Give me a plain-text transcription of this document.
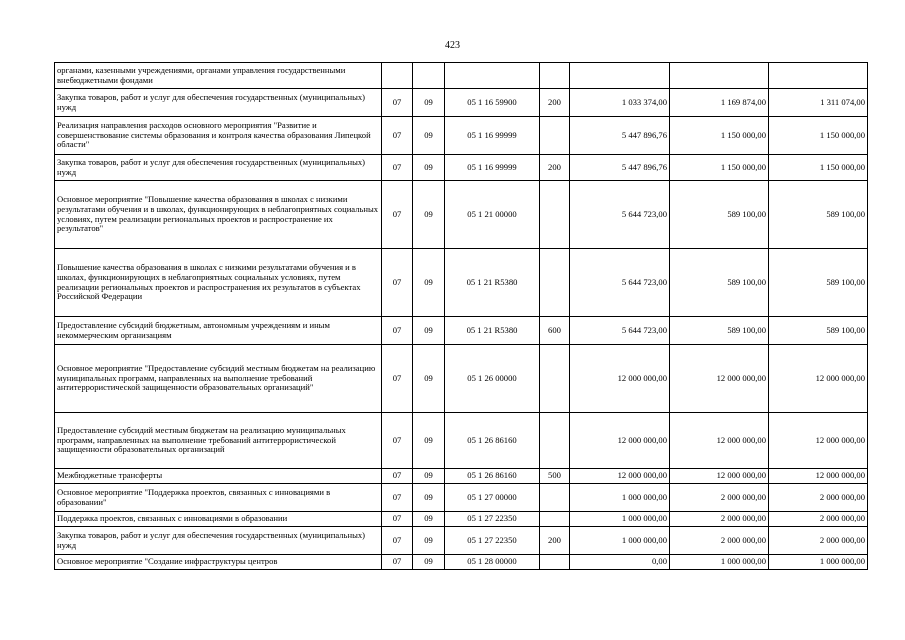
423
органами, казенными учреждениями, органами управления государственными внебюджетными фондами							
Закупка товаров, работ и услуг для обеспечения государственных (муниципальных) нужд	07	09	05 1 16 59900	200	1 033 374,00	1 169 874,00	1 311 074,00
Реализация направления расходов основного мероприятия "Развитие и совершенствование системы образования и контроля качества образования Липецкой области"	07	09	05 1 16 99999		5 447 896,76	1 150 000,00	1 150 000,00
Закупка товаров, работ и услуг для обеспечения государственных (муниципальных) нужд	07	09	05 1 16 99999	200	5 447 896,76	1 150 000,00	1 150 000,00
Основное мероприятие "Повышение качества образования в школах с низкими результатами обучения и в школах, функционирующих в неблагоприятных социальных условиях, путем реализации региональных проектов и распространение их результатов"	07	09	05 1 21 00000		5 644 723,00	589 100,00	589 100,00
Повышение качества образования в школах с низкими результатами обучения и в школах, функционирующих в неблагоприятных социальных условиях, путем реализации региональных проектов и распространения их результатов в субъектах Российской Федерации	07	09	05 1 21 R5380		5 644 723,00	589 100,00	589 100,00
Предоставление субсидий бюджетным, автономным учреждениям и иным некоммерческим организациям	07	09	05 1 21 R5380	600	5 644 723,00	589 100,00	589 100,00
Основное мероприятие "Предоставление субсидий местным бюджетам на реализацию муниципальных программ, направленных на выполнение требований антитеррористической защищенности образовательных организаций"	07	09	05 1 26 00000		12 000 000,00	12 000 000,00	12 000 000,00
Предоставление субсидий местным бюджетам на реализацию муниципальных программ, направленных на выполнение требований антитеррористической защищенности образовательных организаций	07	09	05 1 26 86160		12 000 000,00	12 000 000,00	12 000 000,00
Межбюджетные трансферты	07	09	05 1 26 86160	500	12 000 000,00	12 000 000,00	12 000 000,00
Основное мероприятие "Поддержка проектов, связанных с инновациями в образовании"	07	09	05 1 27 00000		1 000 000,00	2 000 000,00	2 000 000,00
Поддержка проектов, связанных с инновациями в образовании	07	09	05 1 27 22350		1 000 000,00	2 000 000,00	2 000 000,00
Закупка товаров, работ и услуг для обеспечения государственных (муниципальных) нужд	07	09	05 1 27 22350	200	1 000 000,00	2 000 000,00	2 000 000,00
Основное мероприятие "Создание инфраструктуры центров	07	09	05 1 28 00000		0,00	1 000 000,00	1 000 000,00
